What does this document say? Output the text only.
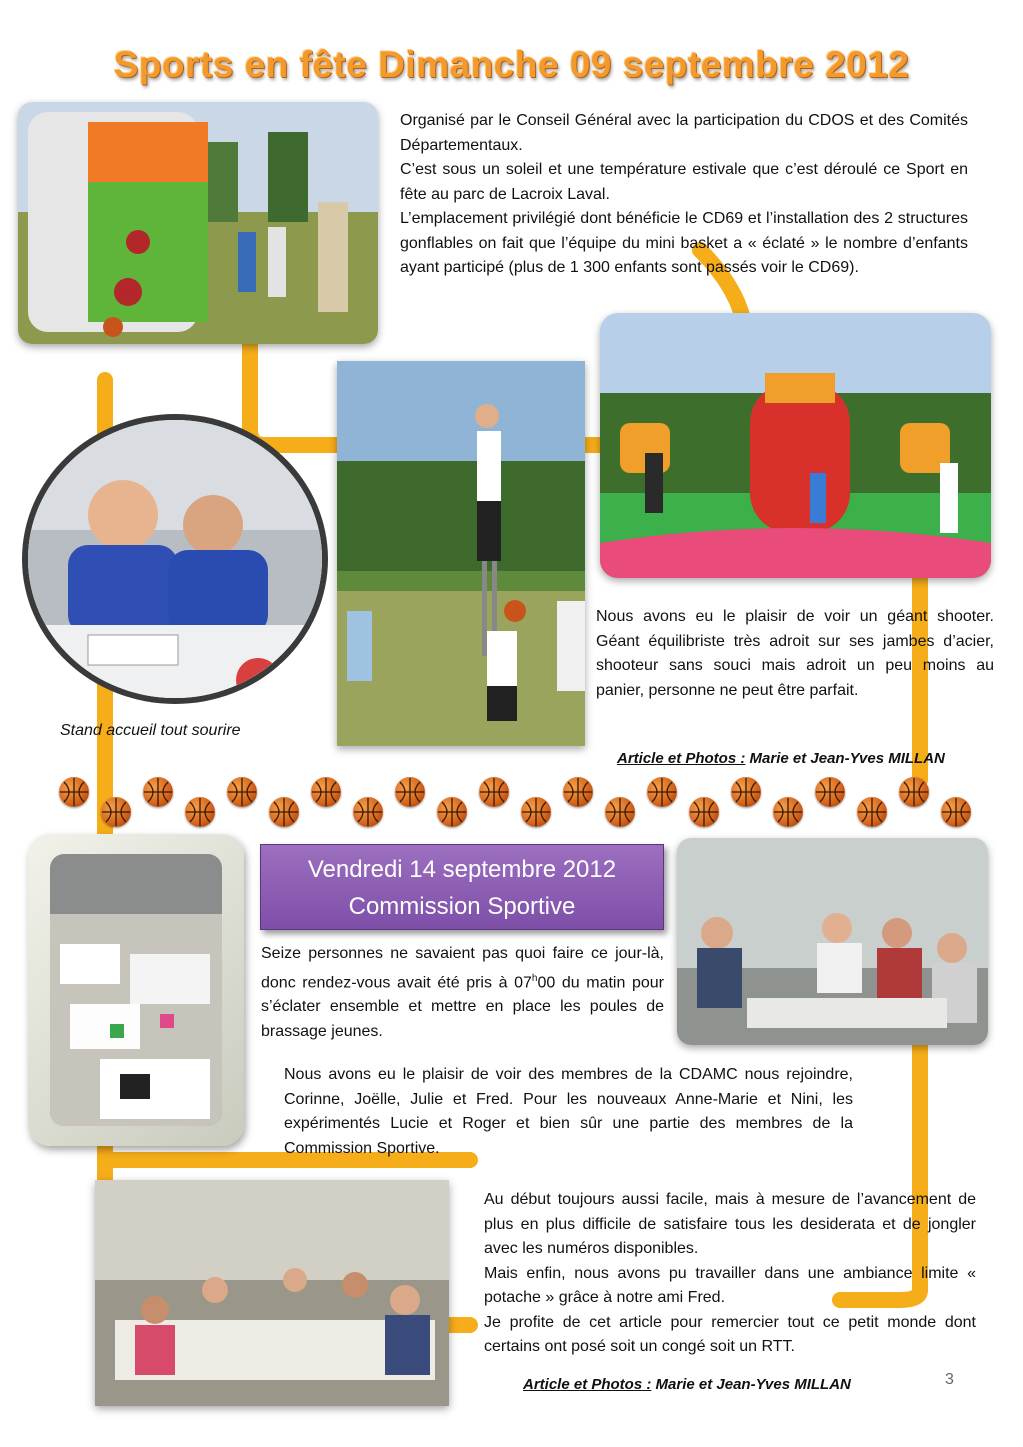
Sports en fête Dimanche 09 septembre 2012

Organisé par le Conseil Général avec la participation du CDOS et des Comités Départementaux.

C’est sous un soleil et une température estivale que c’est déroulé ce Sport en fête au parc de Lacroix Laval.

L’emplacement privilégié dont bénéficie le CD69 et l’installation des 2 structures gonflables on fait que l’équipe du mini basket a « éclaté » le nombre d’enfants ayant participé (plus de 1 300 enfants sont passés voir le CD69).

Stand accueil tout sourire
Nous avons eu le plaisir de voir un géant shooter. Géant équilibriste très adroit sur ses jambes d’acier, shooteur sans souci mais adroit un peu moins au panier, personne ne peut être parfait.
Article et Photos : Marie et Jean-Yves MILLAN
Vendredi 14 septembre 2012
Commission Sportive
Seize personnes ne savaient pas quoi faire ce jour-là, donc rendez-vous avait été pris à 07$^h$00 du matin pour s’éclater ensemble et mettre en place les poules de brassage jeunes.
Nous avons eu le plaisir de voir des membres de la CDAMC nous rejoindre, Corinne, Joëlle, Julie et Fred. Pour les nouveaux Anne-Marie et Nini, les expérimentés Lucie et Roger et bien sûr une partie des membres de la Commission Sportive.

Au début toujours aussi facile, mais à mesure de l’avancement de plus en plus difficile de satisfaire tous les desiderata et de jongler avec les numéros disponibles.

Mais enfin, nous avons pu travailler dans une ambiance limite « potache » grâce à notre ami Fred.

Je profite de cet article pour remercier tout ce petit monde dont certains ont posé soit un congé soit un RTT.

Article et Photos : Marie et Jean-Yves MILLAN	3
